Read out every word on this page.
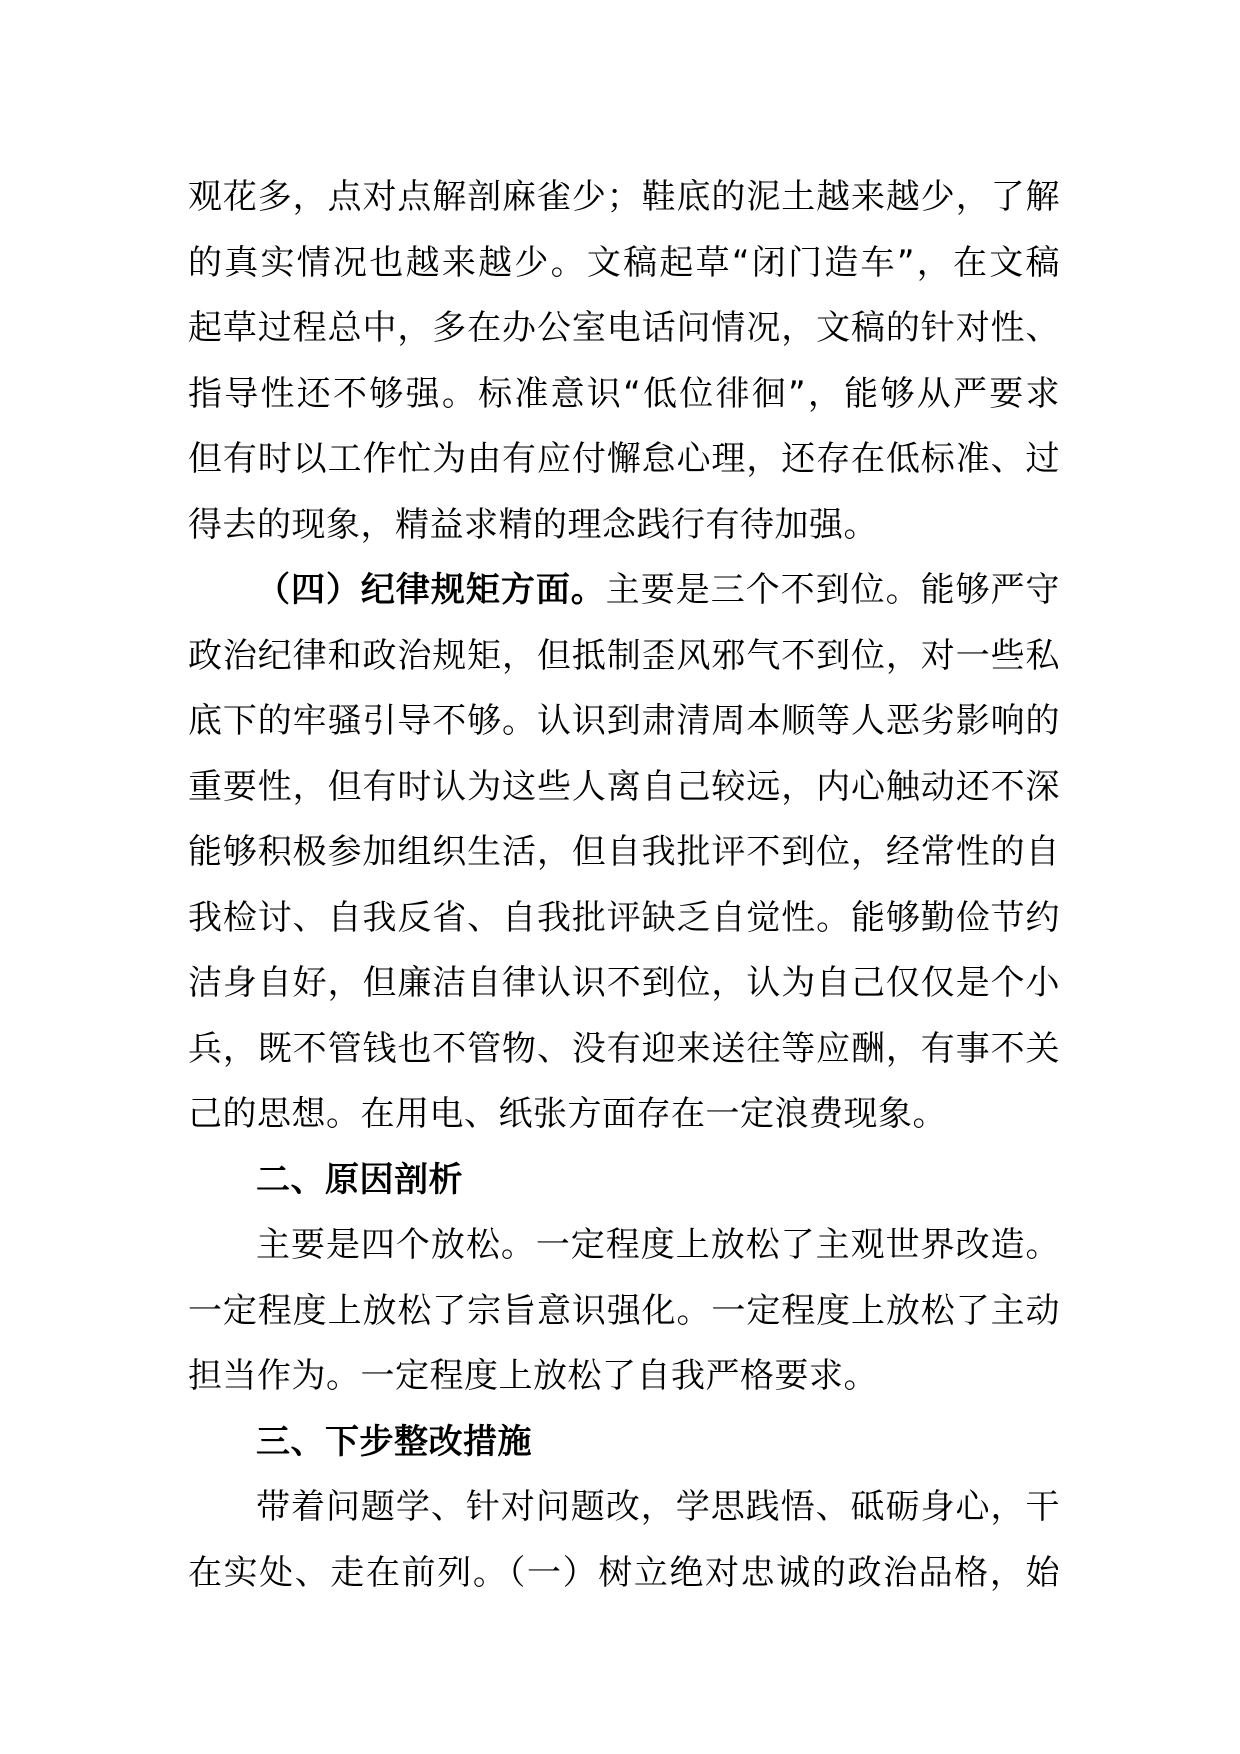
观花多，点对点解剖麻雀少；鞋底的泥土越来越少，了解
的真实情况也越来越少。文稿起草“闭门造车”，在文稿
起草过程总中，多在办公室电话问情况，文稿的针对性、
指导性还不够强。标准意识“低位徘徊”，能够从严要求
但有时以工作忙为由有应付懈怠心理，还存在低标准、过
得去的现象，精益求精的理念践行有待加强。
（四）纪律规矩方面。主要是三个不到位。能够严守
政治纪律和政治规矩，但抵制歪风邪气不到位，对一些私
底下的牢骚引导不够。认识到肃清周本顺等人恶劣影响的
重要性，但有时认为这些人离自己较远，内心触动还不深
能够积极参加组织生活，但自我批评不到位，经常性的自
我检讨、自我反省、自我批评缺乏自觉性。能够勤俭节约
洁身自好，但廉洁自律认识不到位，认为自己仅仅是个小
兵，既不管钱也不管物、没有迎来送往等应酬，有事不关
己的思想。在用电、纸张方面存在一定浪费现象。
二、原因剖析
主要是四个放松。一定程度上放松了主观世界改造。
一定程度上放松了宗旨意识强化。一定程度上放松了主动
担当作为。一定程度上放松了自我严格要求。
三、下步整改措施
带着问题学、针对问题改，学思践悟、砥砺身心，干
在实处、走在前列。（一）树立绝对忠诚的政治品格，始
